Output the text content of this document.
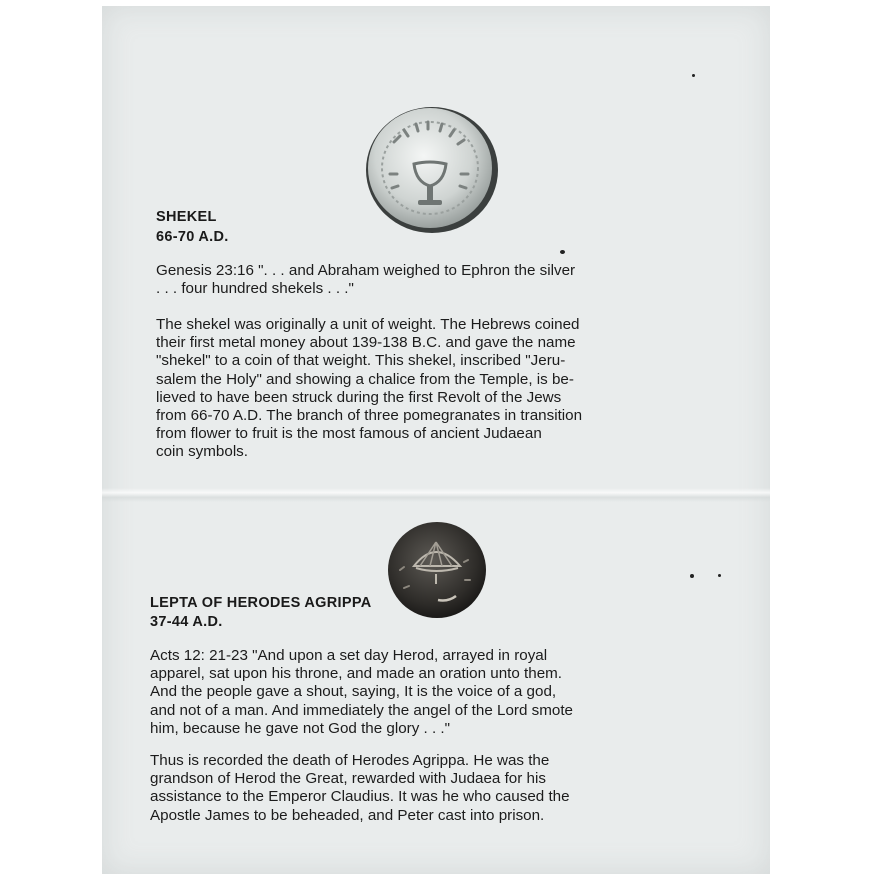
SHEKEL
66-70 A.D.
Genesis 23:16 ". . . and Abraham weighed to Ephron the silver
. . . four hundred shekels . . ."
The shekel was originally a unit of weight. The Hebrews coined
their first metal money about 139-138 B.C. and gave the name
"shekel" to a coin of that weight. This shekel, inscribed "Jeru-
salem the Holy" and showing a chalice from the Temple, is be-
lieved to have been struck during the first Revolt of the Jews
from 66-70 A.D. The branch of three pomegranates in transition
from flower to fruit is the most famous of ancient Judaean
coin symbols.
LEPTA OF HERODES AGRIPPA
37-44 A.D.
Acts 12: 21-23 "And upon a set day Herod, arrayed in royal
apparel, sat upon his throne, and made an oration unto them.
And the people gave a shout, saying, It is the voice of a god,
and not of a man. And immediately the angel of the Lord smote
him, because he gave not God the glory . . ."
Thus is recorded the death of Herodes Agrippa. He was the
grandson of Herod the Great, rewarded with Judaea for his
assistance to the Emperor Claudius. It was he who caused the
Apostle James to be beheaded, and Peter cast into prison.
